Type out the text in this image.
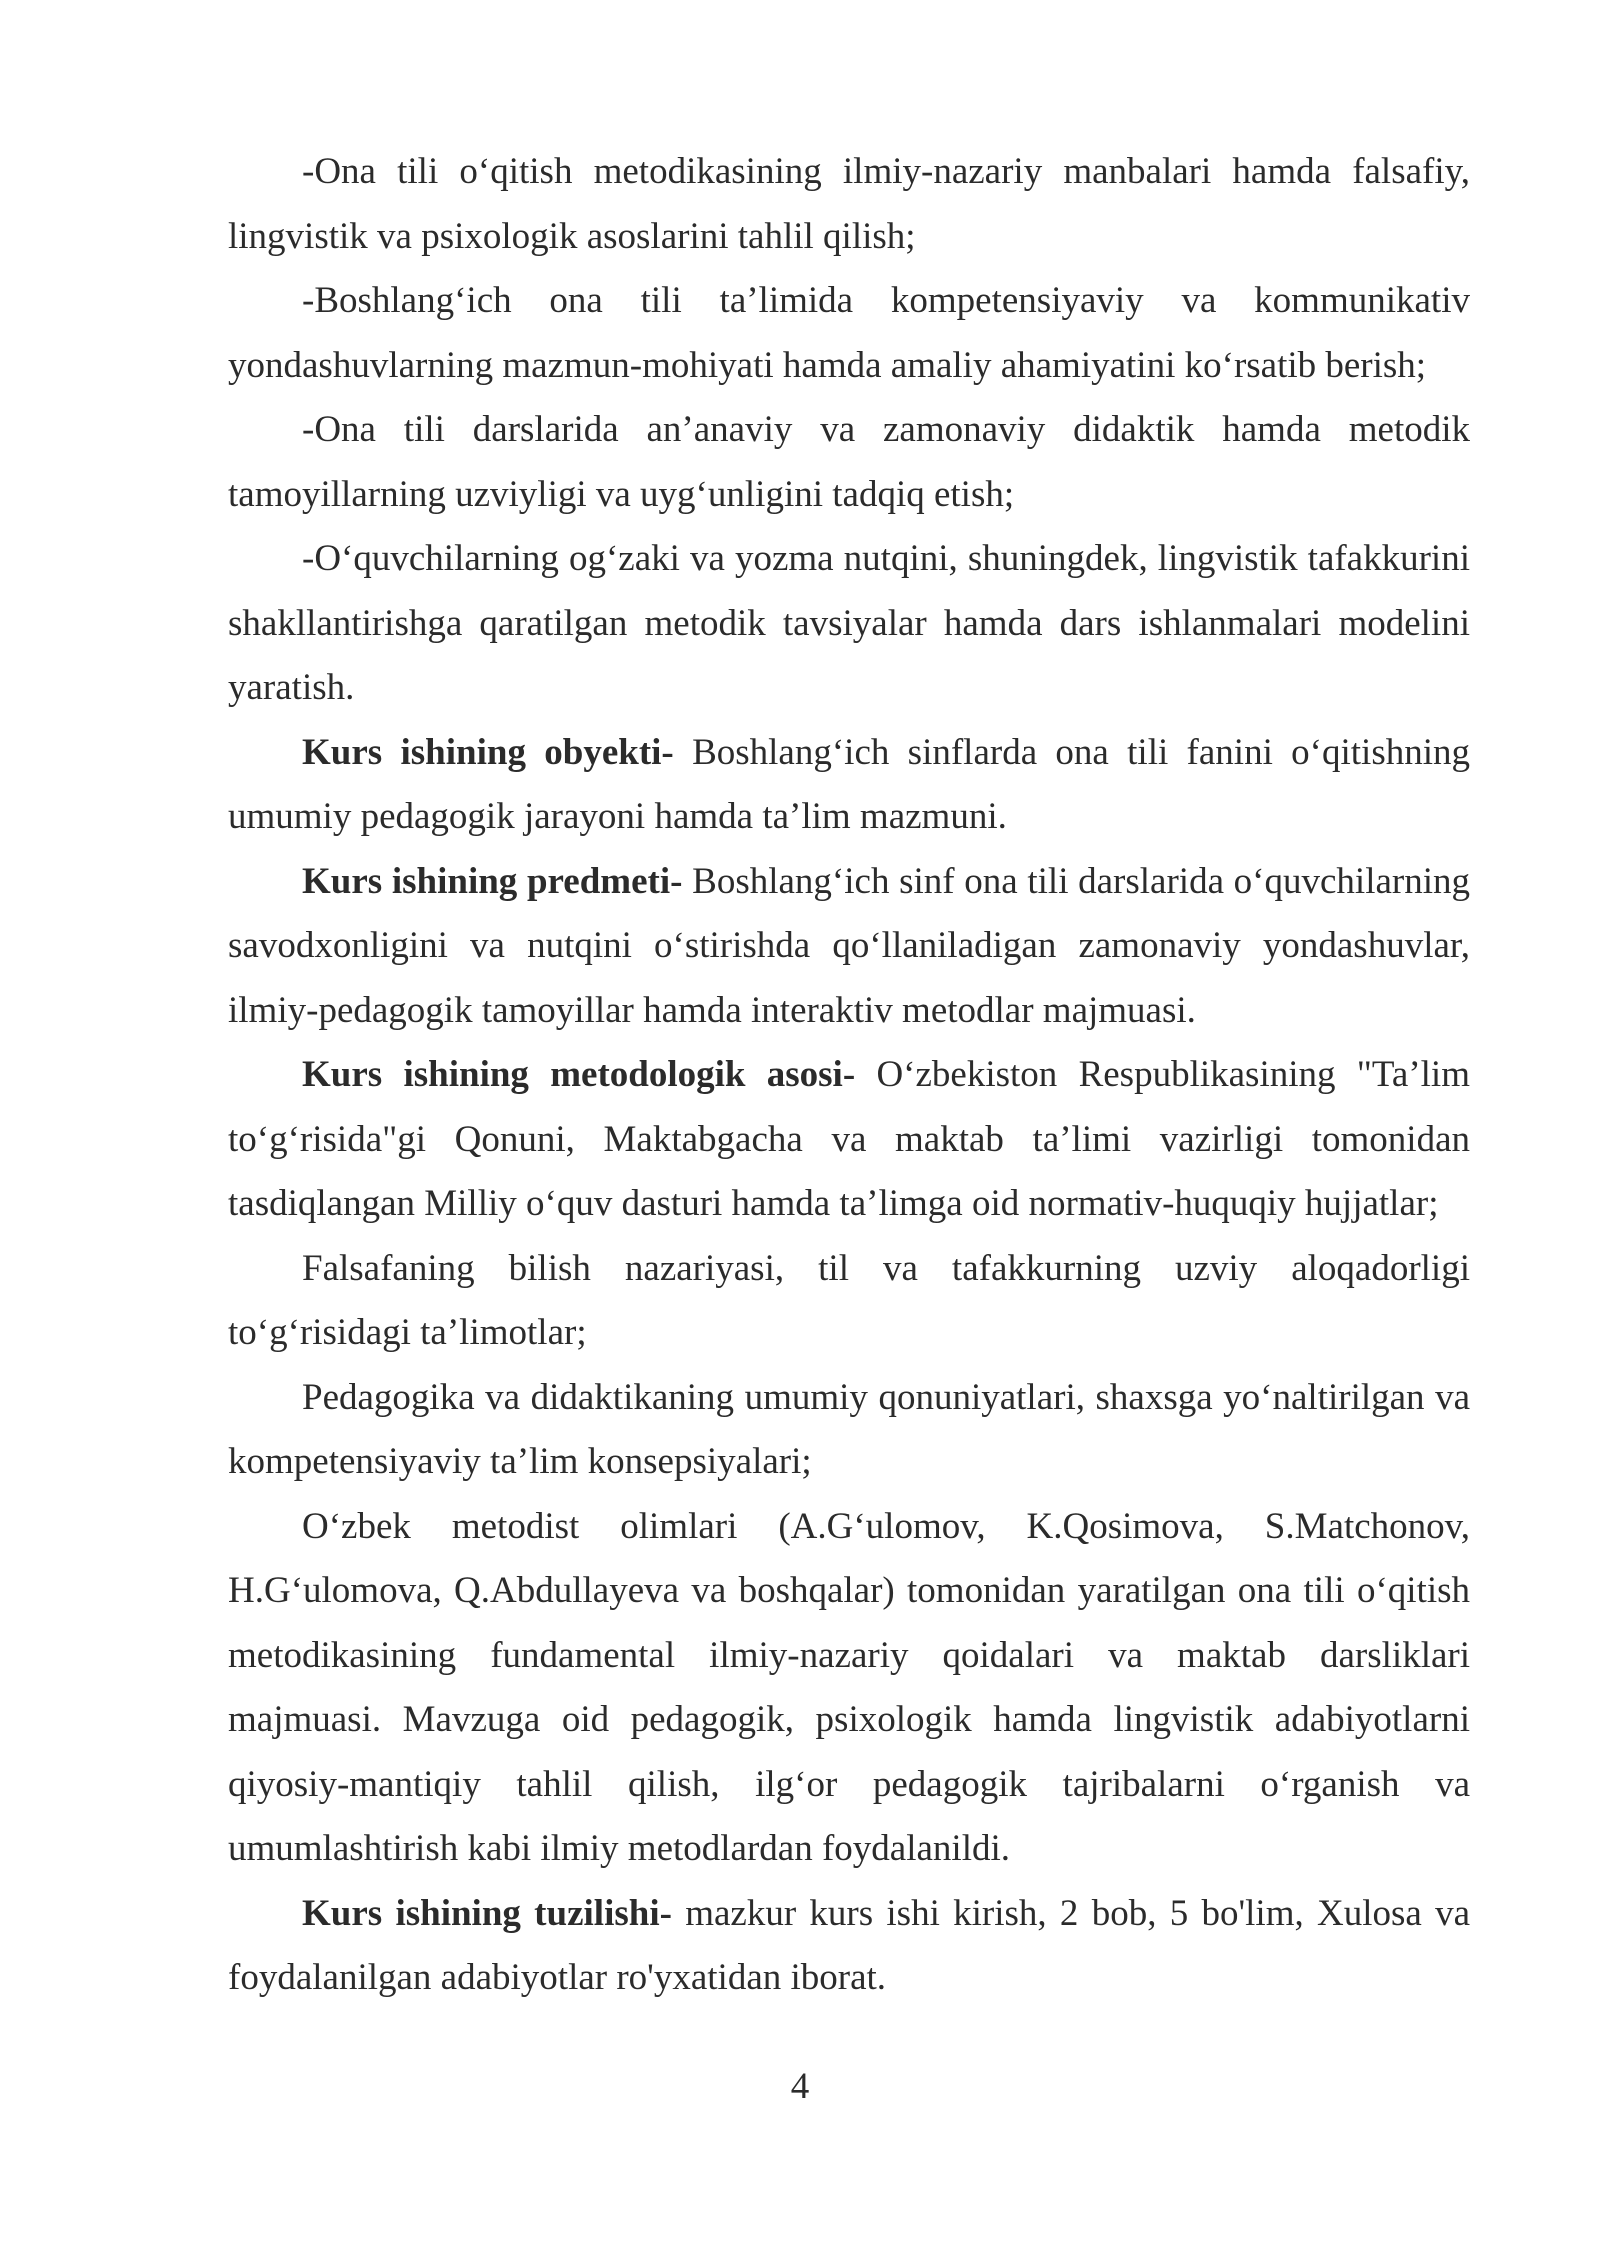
-Ona tili o‘qitish metodikasining ilmiy-nazariy manbalari hamda falsafiy, lingvistik va psixologik asoslarini tahlil qilish;

-Boshlang‘ich ona tili ta’limida kompetensiyaviy va kommunikativ yondashuvlarning mazmun-mohiyati hamda amaliy ahamiyatini ko‘rsatib berish;

-Ona tili darslarida an’anaviy va zamonaviy didaktik hamda metodik tamoyillarning uzviyligi va uyg‘unligini tadqiq etish;

-O‘quvchilarning og‘zaki va yozma nutqini, shuningdek, lingvistik tafakkurini shakllantirishga qaratilgan metodik tavsiyalar hamda dars ishlanmalari modelini yaratish.

Kurs ishining obyekti- Boshlang‘ich sinflarda ona tili fanini o‘qitishning umumiy pedagogik jarayoni hamda ta’lim mazmuni.

Kurs ishining predmeti- Boshlang‘ich sinf ona tili darslarida o‘quvchilarning savodxonligini va nutqini o‘stirishda qo‘llaniladigan zamonaviy yondashuvlar, ilmiy-pedagogik tamoyillar hamda interaktiv metodlar majmuasi.

Kurs ishining metodologik asosi- O‘zbekiston Respublikasining "Ta’lim to‘g‘risida"gi Qonuni, Maktabgacha va maktab ta’limi vazirligi tomonidan tasdiqlangan Milliy o‘quv dasturi hamda ta’limga oid normativ-huquqiy hujjatlar;

Falsafaning bilish nazariyasi, til va tafakkurning uzviy aloqadorligi to‘g‘risidagi ta’limotlar;

Pedagogika va didaktikaning umumiy qonuniyatlari, shaxsga yo‘naltirilgan va kompetensiyaviy ta’lim konsepsiyalari;

O‘zbek metodist olimlari (A.G‘ulomov, K.Qosimova, S.Matchonov, H.G‘ulomova, Q.Abdullayeva va boshqalar) tomonidan yaratilgan ona tili o‘qitish metodikasining fundamental ilmiy-nazariy qoidalari va maktab darsliklari majmuasi. Mavzuga oid pedagogik, psixologik hamda lingvistik adabiyotlarni qiyosiy-mantiqiy tahlil qilish, ilg‘or pedagogik tajribalarni o‘rganish va umumlashtirish kabi ilmiy metodlardan foydalanildi.

Kurs ishining tuzilishi- mazkur kurs ishi kirish, 2 bob, 5 bo'lim, Xulosa va foydalanilgan adabiyotlar ro'yxatidan iborat.

4
